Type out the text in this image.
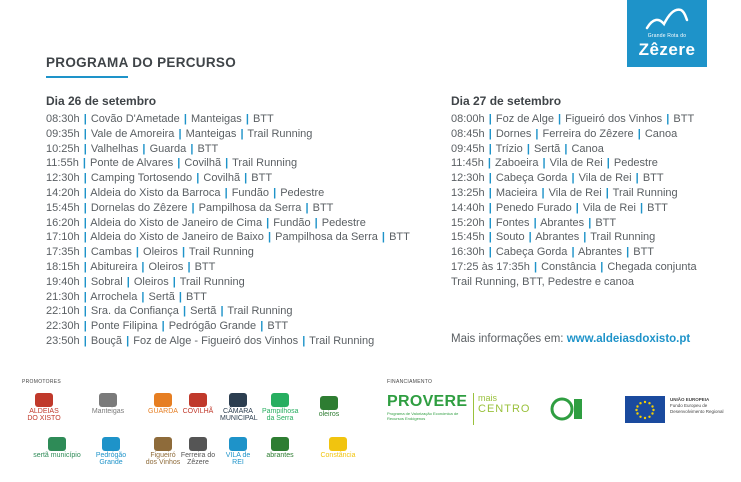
Grande Rota do
Zêzere
PROGRAMA DO PERCURSO
Dia 26 de setembro
08:30h | Covão D'Ametade | Manteigas | BTT
09:35h | Vale de Amoreira | Manteigas | Trail Running
10:25h | Valhelhas | Guarda | BTT
11:55h | Ponte de Alvares | Covilhã | Trail Running
12:30h | Camping Tortosendo | Covilhã | BTT
14:20h | Aldeia do Xisto da Barroca | Fundão | Pedestre
15:45h | Dornelas do Zêzere | Pampilhosa da Serra | BTT
16:20h | Aldeia do Xisto de Janeiro de Cima | Fundão | Pedestre
17:10h | Aldeia do Xisto de Janeiro de Baixo | Pampilhosa da Serra | BTT
17:35h | Cambas | Oleiros | Trail Running
18:15h | Abitureira | Oleiros | BTT
19:40h | Sobral | Oleiros | Trail Running
21:30h | Arrochela | Sertã | BTT
22:10h | Sra. da Confiança | Sertã | Trail Running
22:30h | Ponte Filipina | Pedrógão Grande | BTT
23:50h | Bouçã | Foz de Alge - Figueiró dos Vinhos | Trail Running
Dia 27 de setembro
08:00h | Foz de Alge | Figueiró dos Vinhos | BTT
08:45h | Dornes | Ferreira do Zêzere | Canoa
09:45h | Trízio | Sertã | Canoa
11:45h | Zaboeira | Vila de Rei | Pedestre
12:30h | Cabeça Gorda | Vila de Rei | BTT
13:25h | Macieira | Vila de Rei | Trail Running
14:40h | Penedo Furado | Vila de Rei | BTT
15:20h | Fontes | Abrantes | BTT
15:45h | Souto | Abrantes | Trail Running
16:30h | Cabeça Gorda | Abrantes | BTT
17:25 às 17:35h | Constância | Chegada conjunta Trail Running, BTT, Pedestre e canoa
Mais informações em: www.aldeiasdoxisto.pt
PROMOTORES
ALDEIAS DO XISTO
Manteigas	GUARDA COVILHÃ	CÂMARA MUNICIPAL
Pampilhosa da Serra
oleiros
sertã município	Pedrógão Grande
Figueiró dos Vinhos
Ferreira do Zêzere
VILA de REI
abrantes	Constância
FINANCIAMENTO
PROVERE
Programa de Valorização Económica de Recursos Endógenos
mais
CENTRO
UNIÃO EUROPEIA
Fundo Europeu de Desenvolvimento Regional
